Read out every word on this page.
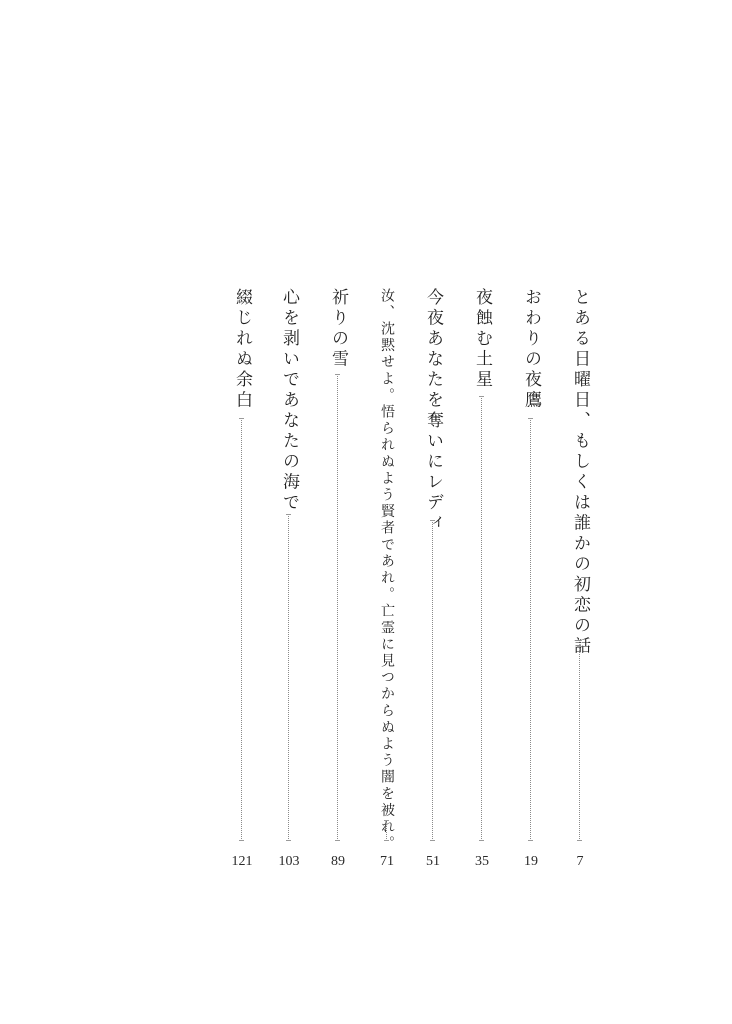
とある日曜日、もしくは誰かの初恋の話
7
おわりの夜鷹
19
夜蝕む土星
35
今夜あなたを奪いにレディ
51
汝、沈黙せよ。悟られぬよう賢者であれ。亡霊に見つからぬよう闇を被れ。
71
祈りの雪
89
心を剥いであなたの海で
103
綴じれぬ余白
121
